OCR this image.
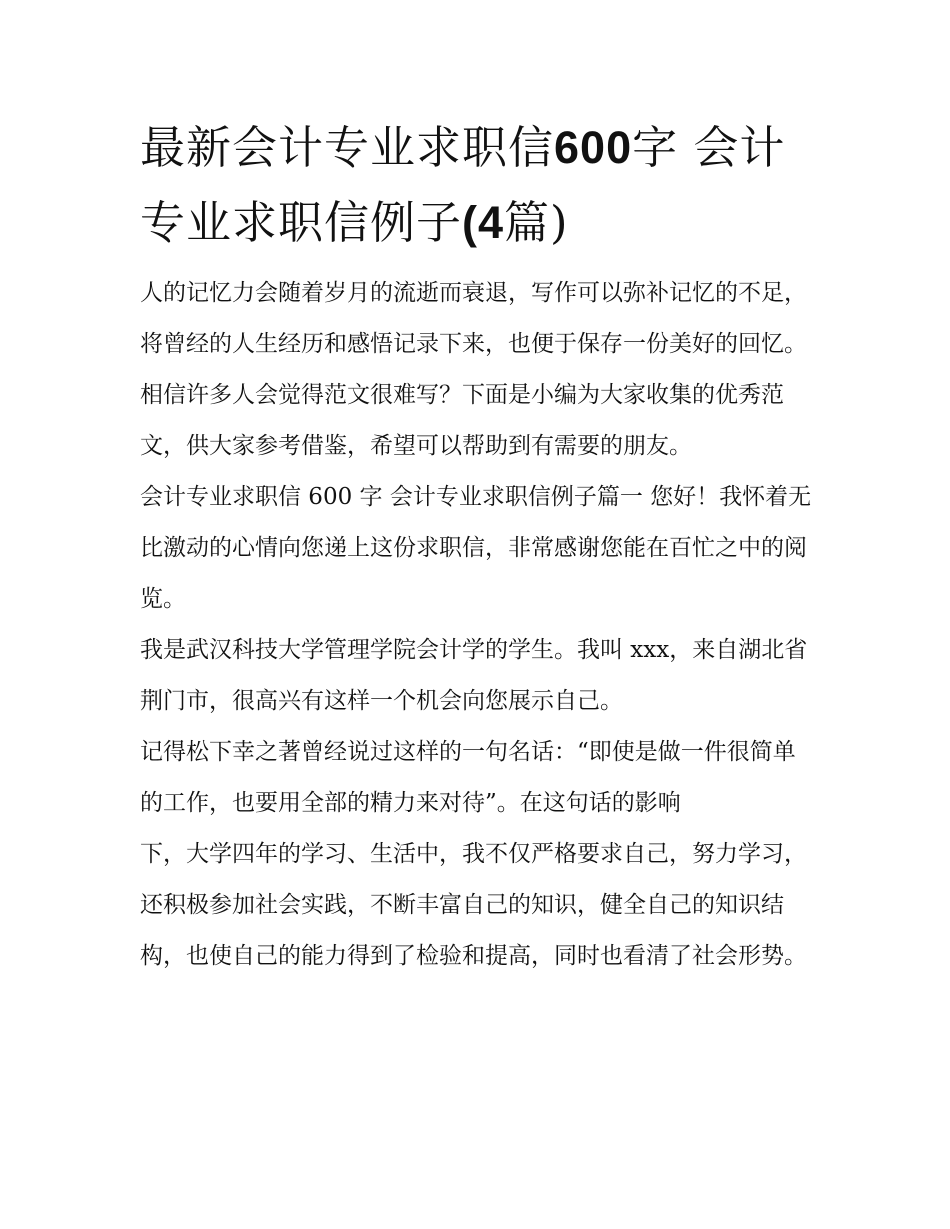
最新会计专业求职信600字 会计专业求职信例子(4篇)

人的记忆力会随着岁月的流逝而衰退，写作可以弥补记忆的不足，将曾经的人生经历和感悟记录下来，也便于保存一份美好的回忆。相信许多人会觉得范文很难写？下面是小编为大家收集的优秀范文，供大家参考借鉴，希望可以帮助到有需要的朋友。

会计专业求职信 600 字 会计专业求职信例子篇一 您好！我怀着无比激动的心情向您递上这份求职信，非常感谢您能在百忙之中的阅览。

我是武汉科技大学管理学院会计学的学生。我叫 xxx，来自湖北省荆门市，很高兴有这样一个机会向您展示自己。

记得松下幸之著曾经说过这样的一句名话：“即使是做一件很简单的工作，也要用全部的精力来对待”。在这句话的影响

下，大学四年的学习、生活中，我不仅严格要求自己，努力学习，还积极参加社会实践，不断丰富自己的知识，健全自己的知识结构，也使自己的能力得到了检验和提高，同时也看清了社会形势。
